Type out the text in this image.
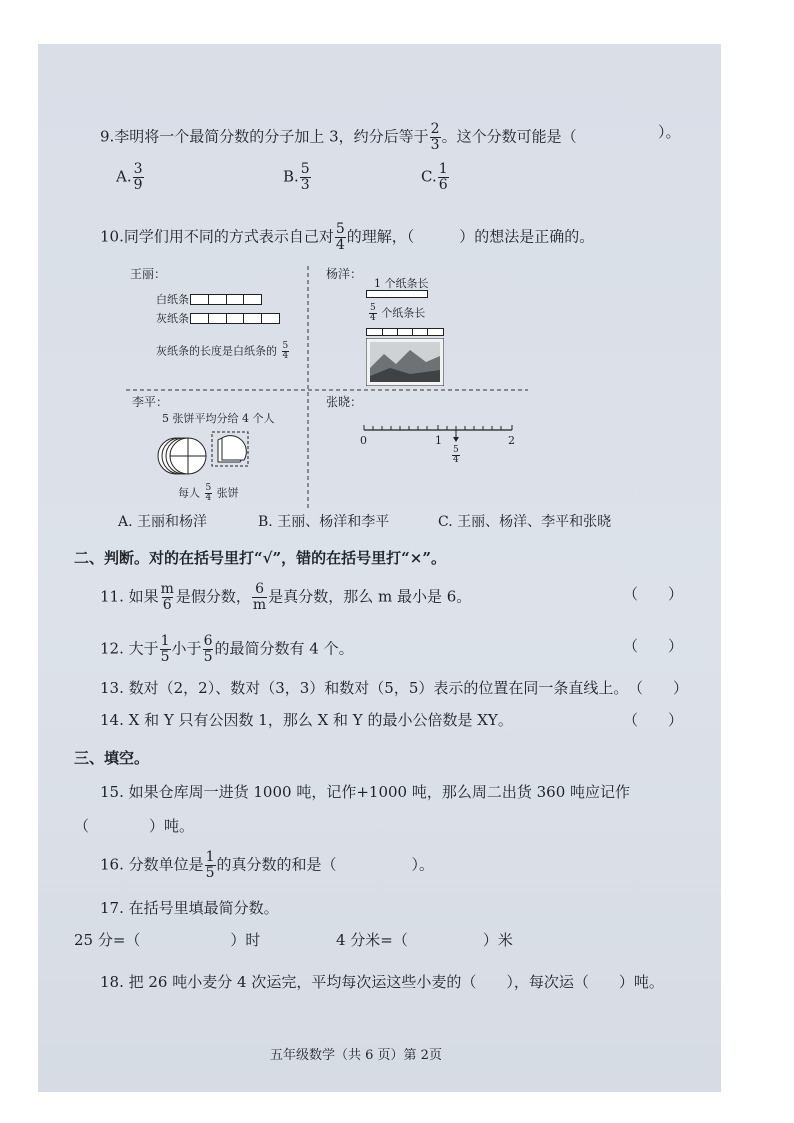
9.李明将一个最简分数的分子加上 3，约分后等于 $\frac{2}{3}$ 。这个分数可能是（	）。
A. $\frac{3}{9}$	B. $\frac{5}{3}$	C. $\frac{1}{6}$
10.同学们用不同的方式表示自己对 $\frac{5}{4}$ 的理解，（　　　）的想法是正确的。
王丽：
白纸条
灰纸条
灰纸条的长度是白纸条的 $\frac{5}{4}$
杨洋：
1 个纸条长
$\frac{5}{4}$ 个纸条长
李平：
5 张饼平均分给 4 个人
每人 $\frac{5}{4}$ 张饼
张晓：
0	1	2
$\frac{5}{4}$
A. 王丽和杨洋	B. 王丽、杨洋和李平	C. 王丽、杨洋、李平和张晓
二、判断。对的在括号里打“√”，错的在括号里打“×”。
11. 如果 $\frac{m}{6}$ 是假分数， $\frac{6}{m}$ 是真分数，那么 m 最小是 6。	（　　）
12. 大于 $\frac{1}{5}$ 小于 $\frac{6}{5}$ 的最简分数有 4 个。	（　　）
13. 数对（2，2）、数对（3，3）和数对（5，5）表示的位置在同一条直线上。 （　　）
14. X 和 Y 只有公因数 1，那么 X 和 Y 的最小公倍数是 XY。	（　　）
三、填空。
15. 如果仓库周一进货 1000 吨，记作+1000 吨，那么周二出货 360 吨应记作
（　　　　）吨。
16. 分数单位是 $\frac{1}{5}$ 的真分数的和是（　　　　　）。
17. 在括号里填最简分数。
25 分=（　　　　　　）时	4 分米=（　　　　　）米
18. 把 26 吨小麦分 4 次运完，平均每次运这些小麦的（　　），每次运（　　）吨。
五年级数学（共 6 页）第 2页
